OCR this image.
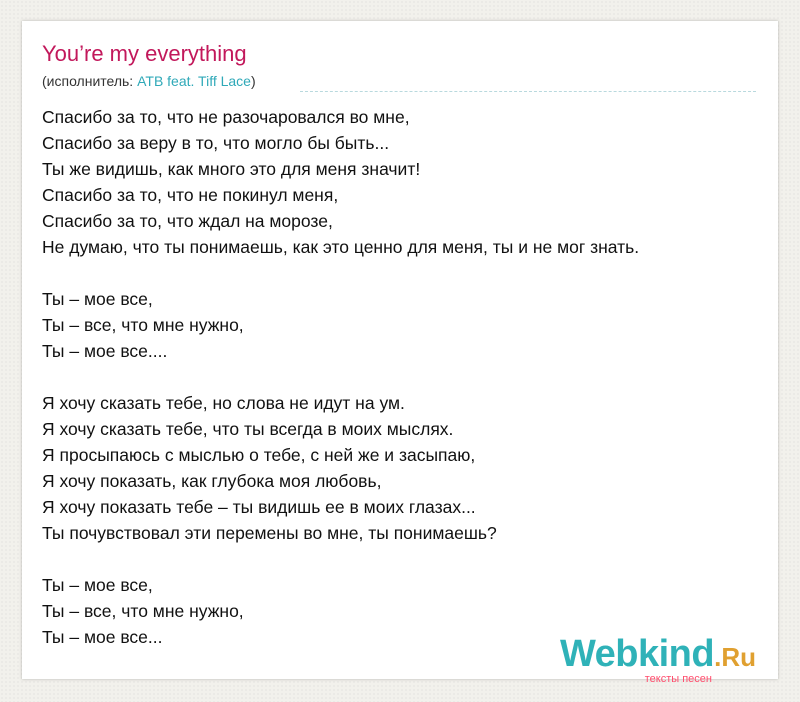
You’re my everything
(исполнитель: ATB feat. Tiff Lace)
Спасибо за то, что не разочаровался во мне,
Спасибо за веру в то, что могло бы быть...
Ты же видишь, как много это для меня значит!
Спасибо за то, что не покинул меня,
Спасибо за то, что ждал на морозе,
Не думаю, что ты понимаешь, как это ценно для меня, ты и не мог знать.
Ты – мое все,
Ты – все, что мне нужно,
Ты – мое все....
Я хочу сказать тебе, но слова не идут на ум.
Я хочу сказать тебе, что ты всегда в моих мыслях.
Я просыпаюсь с мыслью о тебе, с ней же и засыпаю,
Я хочу показать, как глубока моя любовь,
Я хочу показать тебе – ты видишь ее в моих глазах...
Ты почувствовал эти перемены во мне, ты понимаешь?
Ты – мое все,
Ты – все, что мне нужно,
Ты – мое все...	Webkind.Ru
тексты песен
